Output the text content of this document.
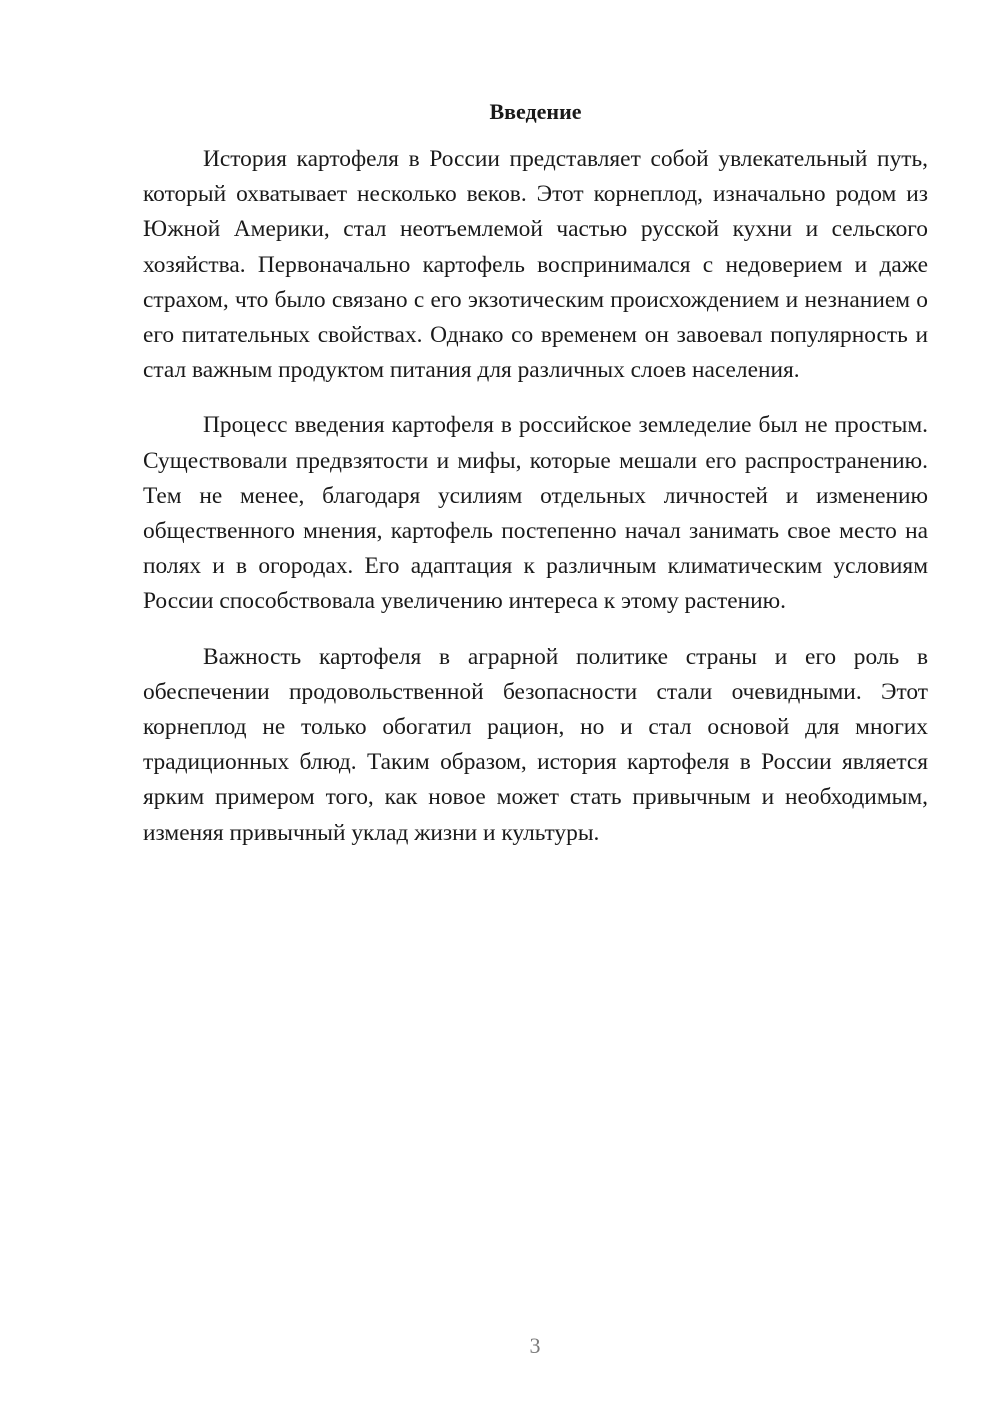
Введение

История картофеля в России представляет собой увлекательный путь, который охватывает несколько веков. Этот корнеплод, изначально родом из Южной Америки, стал неотъемлемой частью русской кухни и сельского хозяйства. Первоначально картофель воспринимался с недоверием и даже страхом, что было связано с его экзотическим происхождением и незнанием о его питательных свойствах. Однако со временем он завоевал популярность и стал важным продуктом питания для различных слоев населения.

Процесс введения картофеля в российское земледелие был не простым. Существовали предвзятости и мифы, которые мешали его распространению. Тем не менее, благодаря усилиям отдельных личностей и изменению общественного мнения, картофель постепенно начал занимать свое место на полях и в огородах. Его адаптация к различным климатическим условиям России способствовала увеличению интереса к этому растению.

Важность картофеля в аграрной политике страны и его роль в обеспечении продовольственной безопасности стали очевидными. Этот корнеплод не только обогатил рацион, но и стал основой для многих традиционных блюд. Таким образом, история картофеля в России является ярким примером того, как новое может стать привычным и необходимым, изменяя привычный уклад жизни и культуры.

3
